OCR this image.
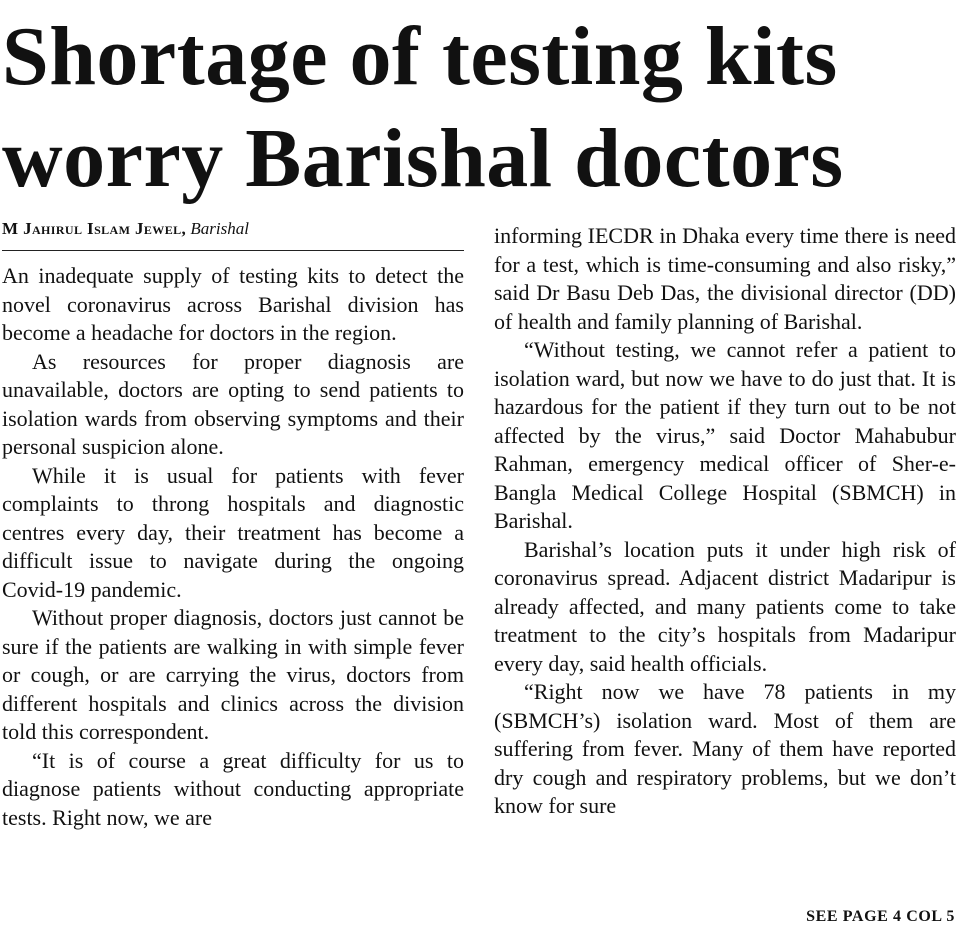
Shortage of testing kits
worry Barishal doctors
M Jahirul Islam Jewel, Barishal

An inadequate supply of testing kits to detect the novel coronavirus across Barishal division has become a headache for doctors in the region.

As resources for proper diagnosis are unavailable, doctors are opting to send patients to isolation wards from observing symptoms and their personal suspicion alone.

While it is usual for patients with fever complaints to throng hospitals and diagnostic centres every day, their treatment has become a difficult issue to navigate during the ongoing Covid-19 pandemic.

Without proper diagnosis, doctors just cannot be sure if the patients are walking in with simple fever or cough, or are carrying the virus, doctors from different hospitals and clinics across the division told this correspondent.

“It is of course a great difficulty for us to diagnose patients without conducting appropriate tests. Right now, we are

informing IECDR in Dhaka every time there is need for a test, which is time-consuming and also risky,” said Dr Basu Deb Das, the divisional director (DD) of health and family planning of Barishal.

“Without testing, we cannot refer a patient to isolation ward, but now we have to do just that. It is hazardous for the patient if they turn out to be not affected by the virus,” said Doctor Mahabubur Rahman, emergency medical officer of Sher-e-Bangla Medical College Hospital (SBMCH) in Barishal.

Barishal’s location puts it under high risk of coronavirus spread. Adjacent district Madaripur is already affected, and many patients come to take treatment to the city’s hospitals from Madaripur every day, said health officials.

“Right now we have 78 patients in my (SBMCH’s) isolation ward. Most of them are suffering from fever. Many of them have reported dry cough and respiratory problems, but we don’t know for sure

SEE PAGE 4 COL 5
